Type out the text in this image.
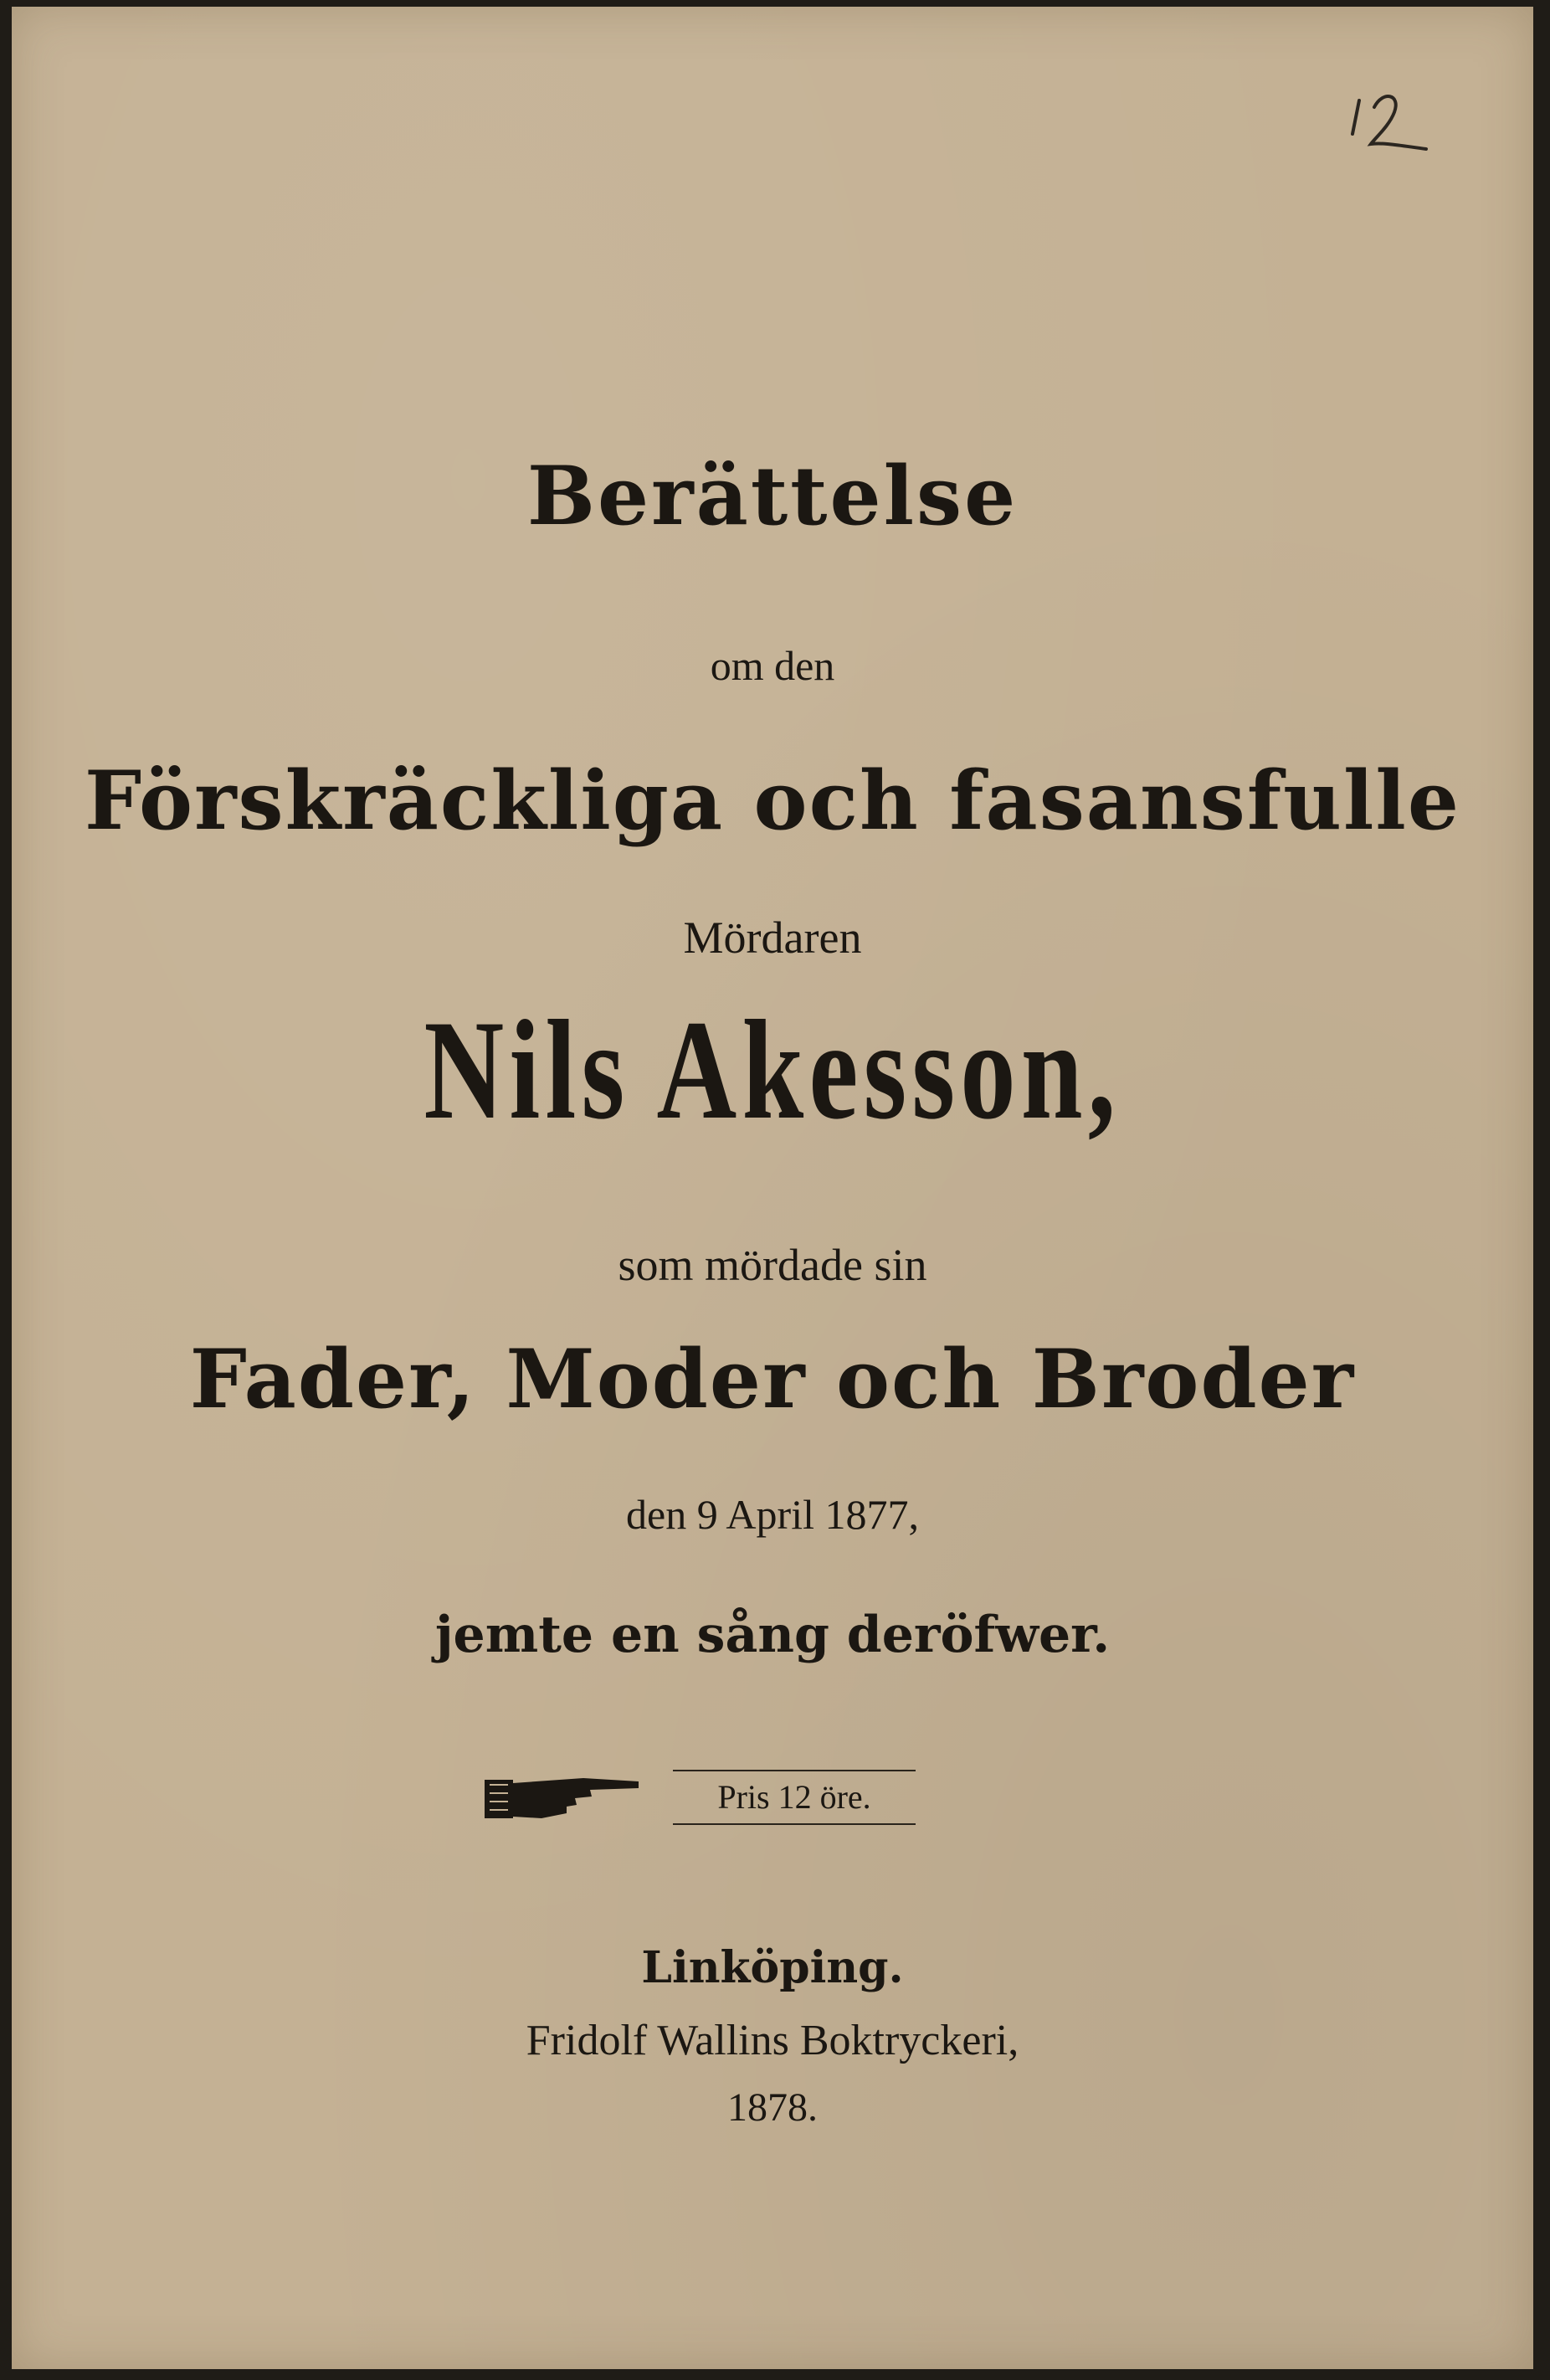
Berättelse
om den
Förskräckliga och fasansfulle
Mördaren
Nils Akesson,
som mördade sin
Fader, Moder och Broder
den 9 April 1877,
jemte en sång deröfwer.
Pris 12 öre.
Linköping.
Fridolf Wallins Boktryckeri,
1878.
